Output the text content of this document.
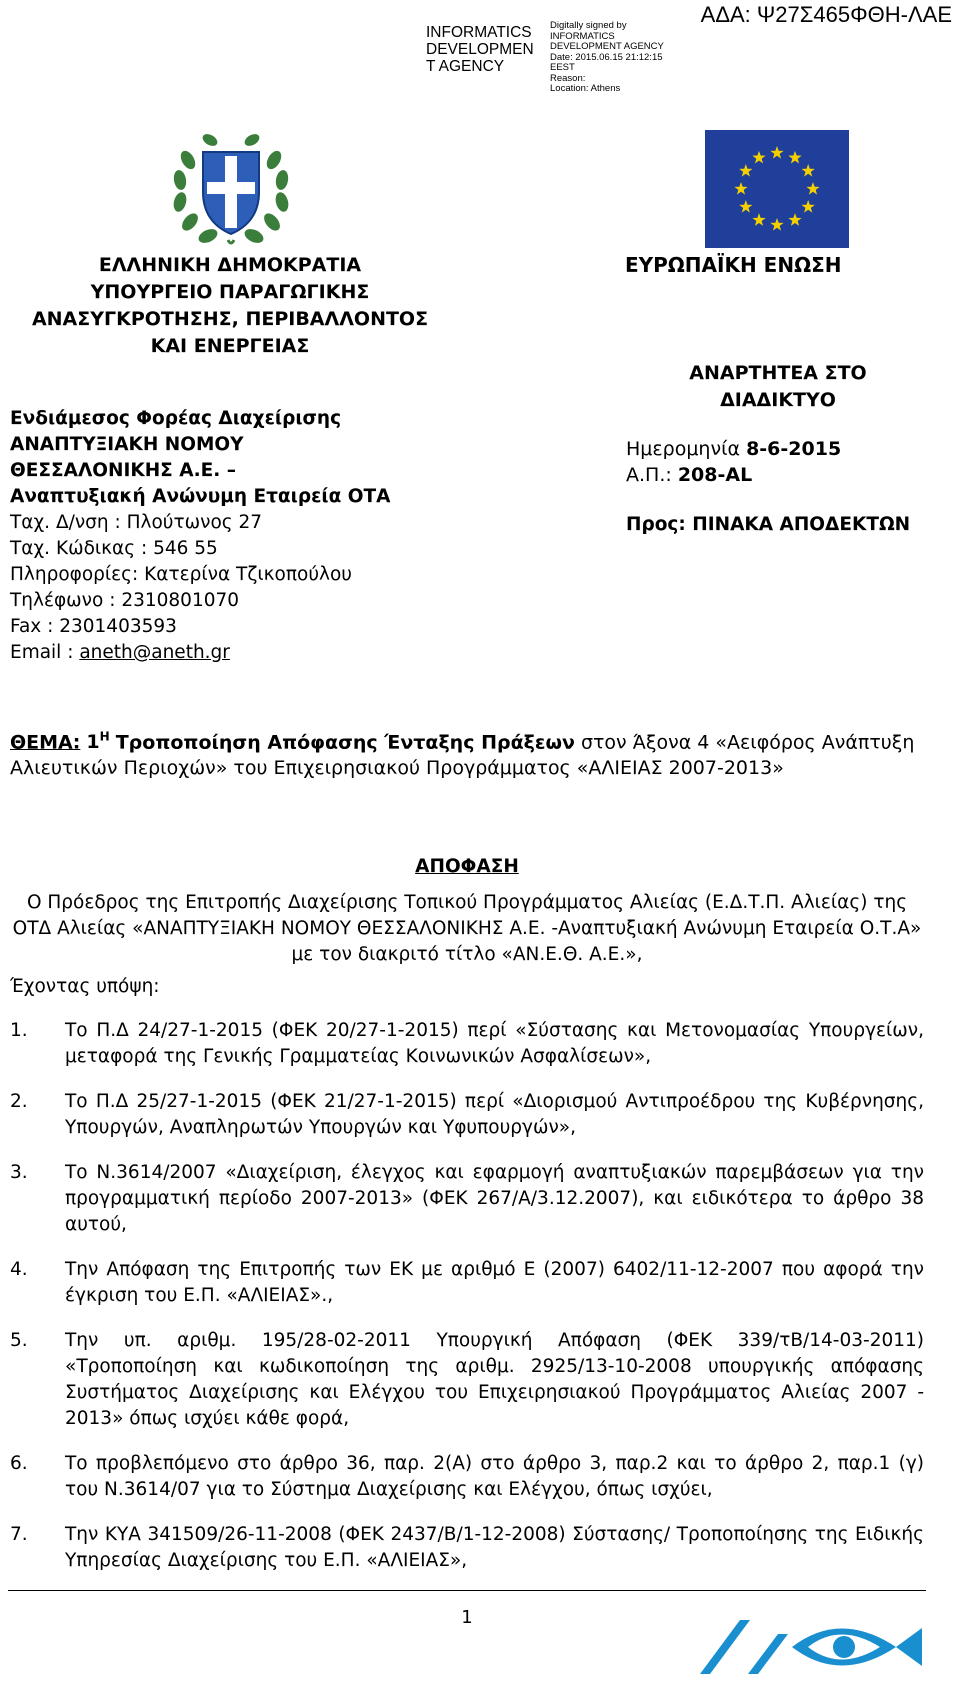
INFORMATICS
DEVELOPMEN
T AGENCY
Digitally signed by
INFORMATICS
DEVELOPMENT AGENCY
Date: 2015.06.15 21:12:15
EEST
Reason:
Location: Athens
ΑΔΑ: Ψ27Σ465ΦΘΗ-ΛΑΕ
ΕΛΛΗΝΙΚΗ ΔΗΜΟΚΡΑΤΙΑ
ΥΠΟΥΡΓΕΙΟ ΠΑΡΑΓΩΓΙΚΗΣ
ΑΝΑΣΥΓΚΡΟΤΗΣΗΣ, ΠΕΡΙΒΑΛΛΟΝΤΟΣ
ΚΑΙ ΕΝΕΡΓΕΙΑΣ
Ενδιάμεσος Φορέας Διαχείρισης
ΑΝΑΠΤΥΞΙΑΚΗ ΝΟΜΟΥ
ΘΕΣΣΑΛΟΝΙΚΗΣ Α.Ε. –
Αναπτυξιακή Ανώνυμη Εταιρεία ΟΤΑ
Ταχ. Δ/νση : Πλούτωνος 27
Ταχ. Κώδικας : 546 55
Πληροφορίες: Κατερίνα Τζικοπούλου
Τηλέφωνο : 2310801070
Fax : 2301403593
Email : aneth@aneth.gr
ΕΥΡΩΠΑΪΚΗ ΕΝΩΣΗ
ΑΝΑΡΤΗΤΕΑ ΣΤΟ
ΔΙΑΔΙΚΤΥΟ
Ημερομηνία 8-6-2015
Α.Π.: 208-AL
Προς: ΠΙΝΑΚΑ ΑΠΟΔΕΚΤΩΝ
ΘΕΜΑ: $1^H$ Τροποποίηση Απόφασης Ένταξης Πράξεων στον Άξονα 4 «Αειφόρος Ανάπτυξη Αλιευτικών Περιοχών» του Επιχειρησιακού Προγράμματος «ΑΛΙΕΙΑΣ 2007-2013»
ΑΠΟΦΑΣΗ
Ο Πρόεδρος της Επιτροπής Διαχείρισης Τοπικού Προγράμματος Αλιείας (Ε.Δ.Τ.Π. Αλιείας) της ΟΤΔ Αλιείας «ΑΝΑΠΤΥΞΙΑΚΗ ΝΟΜΟΥ ΘΕΣΣΑΛΟΝΙΚΗΣ Α.Ε. -Αναπτυξιακή Ανώνυμη Εταιρεία Ο.Τ.Α» με τον διακριτό τίτλο «ΑΝ.Ε.Θ. Α.Ε.»,
Έχοντας υπόψη:
1.	Το Π.Δ 24/27-1-2015 (ΦΕΚ 20/27-1-2015) περί «Σύστασης και Μετονομασίας Υπουργείων, μεταφορά της Γενικής Γραμματείας Κοινωνικών Ασφαλίσεων»,
2.	Το Π.Δ 25/27-1-2015 (ΦΕΚ 21/27-1-2015) περί «Διορισμού Αντιπροέδρου της Κυβέρνησης, Υπουργών, Αναπληρωτών Υπουργών και Υφυπουργών»,
3.	Το Ν.3614/2007 «Διαχείριση, έλεγχος και εφαρμογή αναπτυξιακών παρεμβάσεων για την προγραμματική περίοδο 2007-2013» (ΦΕΚ 267/Α/3.12.2007), και ειδικότερα το άρθρο 38 αυτού,
4.	Την Απόφαση της Επιτροπής των ΕΚ με αριθμό Ε (2007) 6402/11-12-2007 που αφορά την έγκριση του Ε.Π. «ΑΛΙΕΙΑΣ».,
5.	Την υπ. αριθμ. 195/28-02-2011 Υπουργική Απόφαση (ΦΕΚ 339/τΒ/14-03-2011) «Τροποποίηση και κωδικοποίηση της αριθμ. 2925/13-10-2008 υπουργικής απόφασης Συστήματος Διαχείρισης και Ελέγχου του Επιχειρησιακού Προγράμματος Αλιείας 2007 - 2013» όπως ισχύει κάθε φορά,
6.	Το προβλεπόμενο στο άρθρο 36, παρ. 2(Α) στο άρθρο 3, παρ.2 και το άρθρο 2, παρ.1 (γ) του Ν.3614/07 για το Σύστημα Διαχείρισης και Ελέγχου, όπως ισχύει,
7.	Την ΚΥΑ 341509/26-11-2008 (ΦΕΚ 2437/Β/1-12-2008) Σύστασης/ Τροποποίησης της Ειδικής Υπηρεσίας Διαχείρισης του Ε.Π. «ΑΛΙΕΙΑΣ»,
1
